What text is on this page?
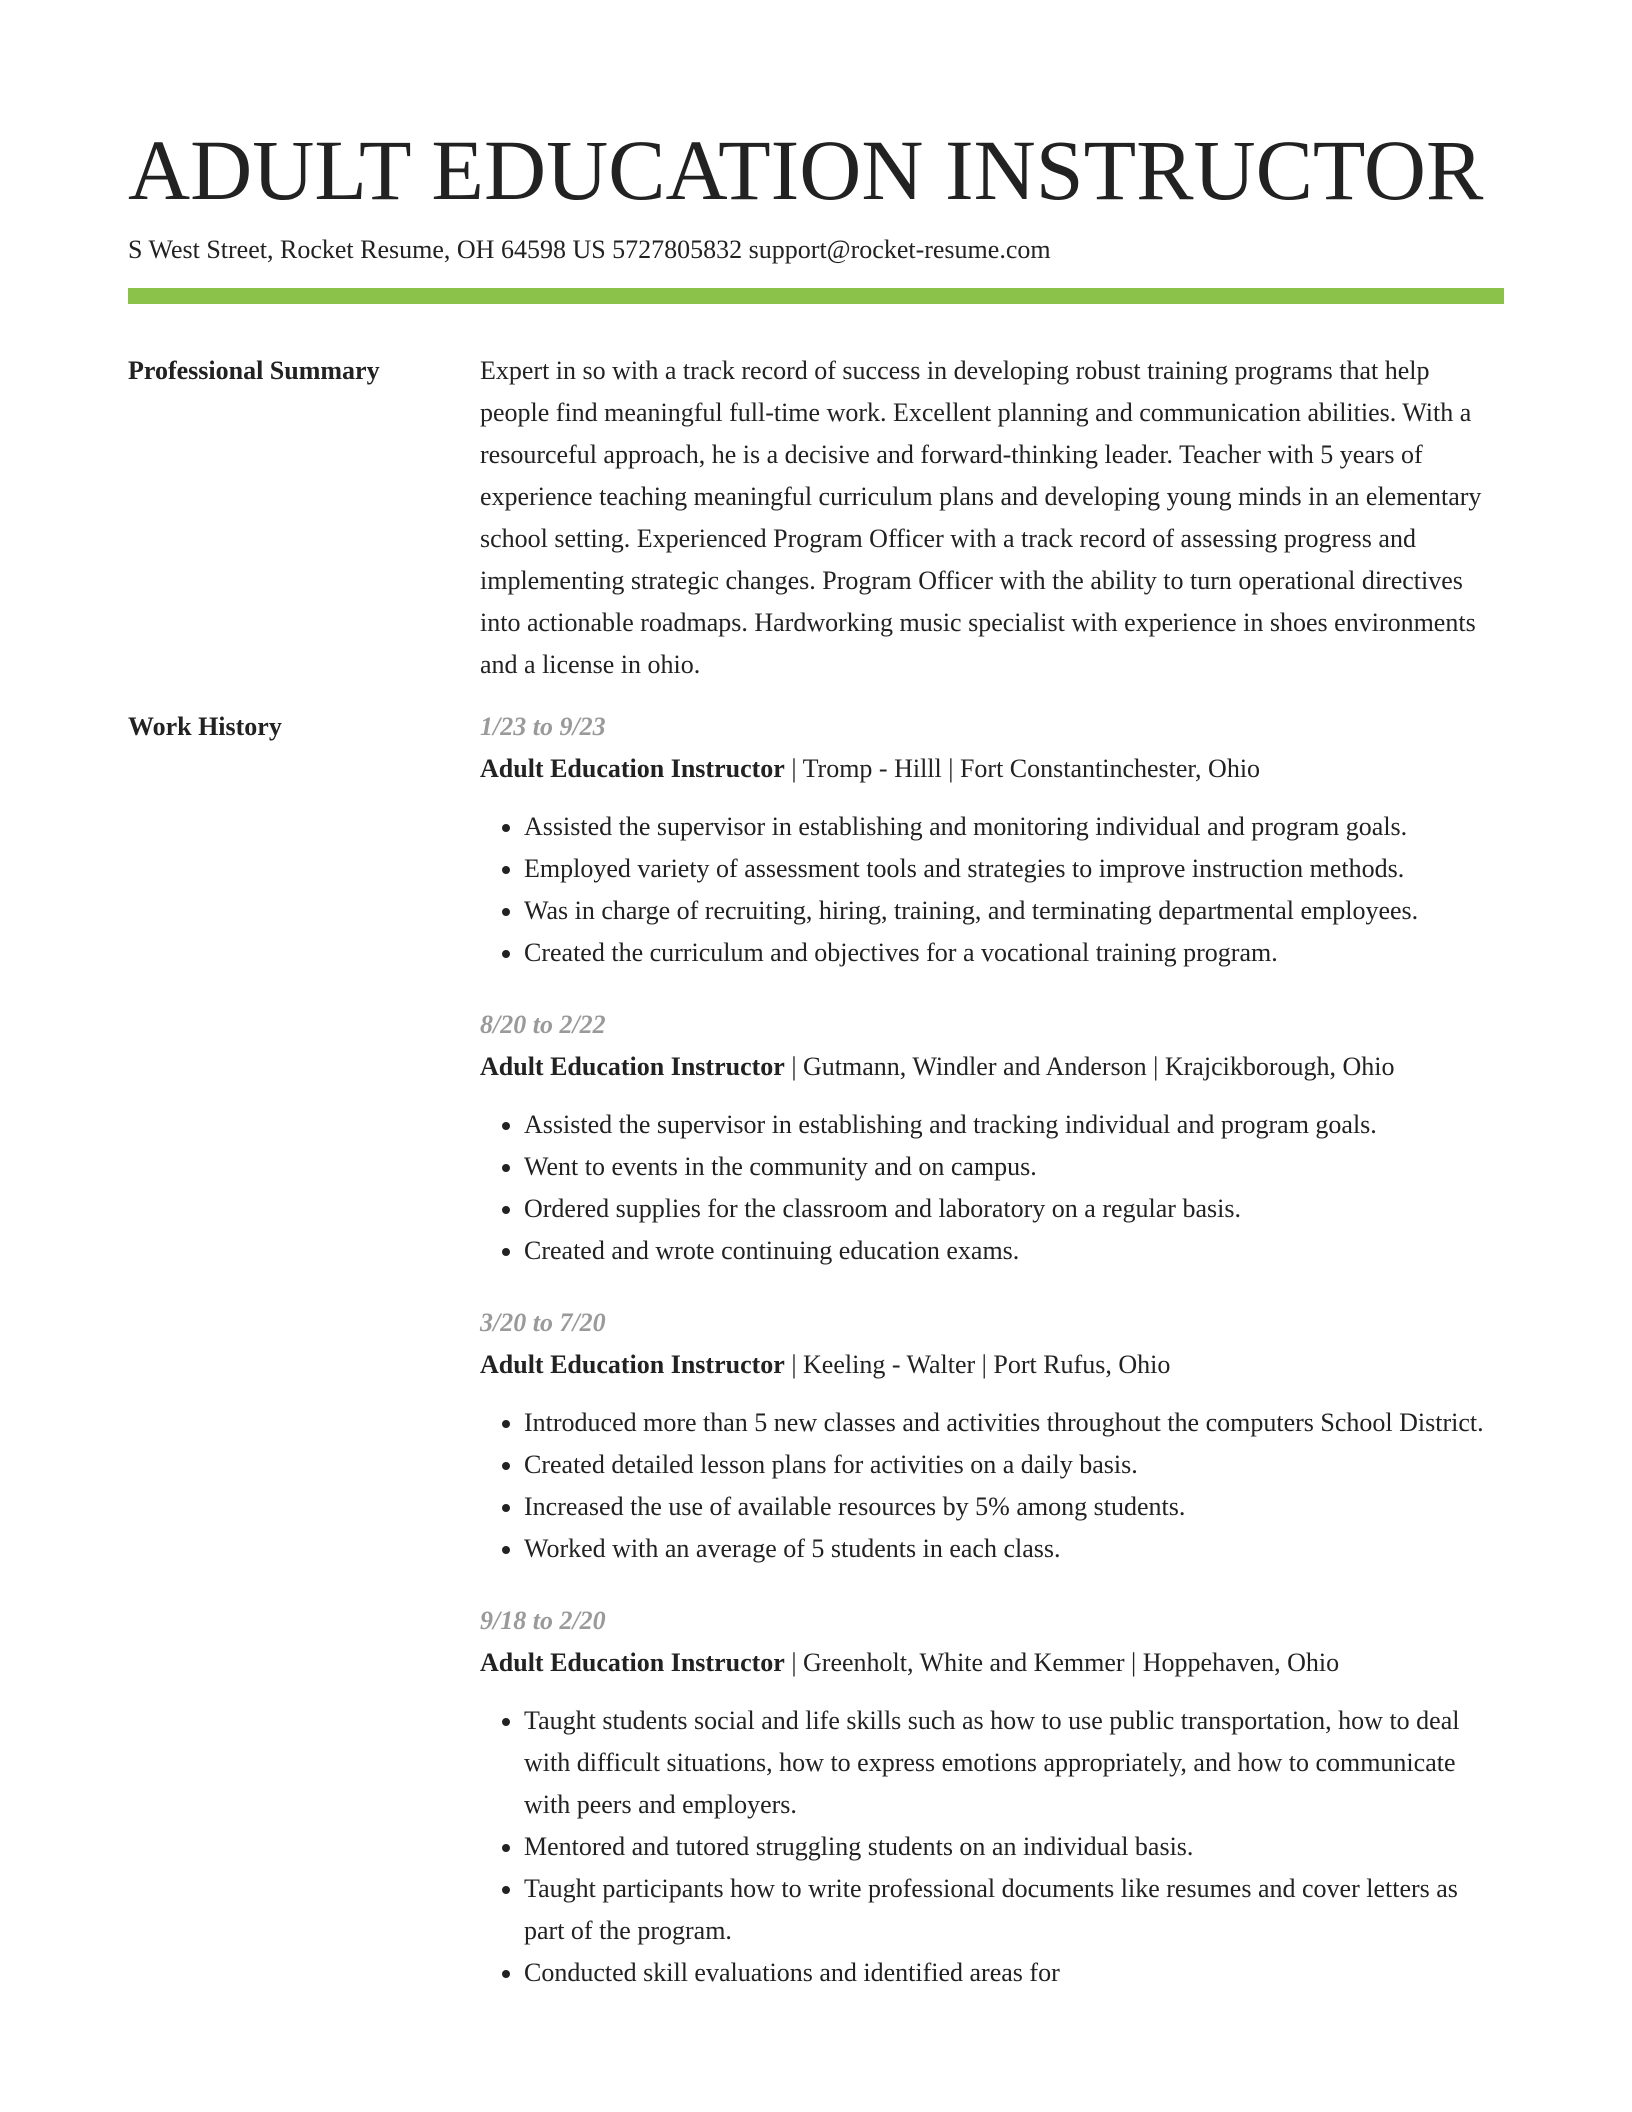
ADULT EDUCATION INSTRUCTOR
S West Street, Rocket Resume, OH 64598 US 5727805832 support@rocket-resume.com
Professional Summary	Expert in so with a track record of success in developing robust training programs that help people find meaningful full-time work. Excellent planning and communication abilities. With a resourceful approach, he is a decisive and forward-thinking leader. Teacher with 5 years of experience teaching meaningful curriculum plans and developing young minds in an elementary school setting. Experienced Program Officer with a track record of assessing progress and implementing strategic changes. Program Officer with the ability to turn operational directives into actionable roadmaps. Hardworking music specialist with experience in shoes environments and a license in ohio.

Work History	1/23 to 9/23
Adult Education Instructor | Tromp - Hilll | Fort Constantinchester, Ohio
• Assisted the supervisor in establishing and monitoring individual and program goals.
• Employed variety of assessment tools and strategies to improve instruction methods.
• Was in charge of recruiting, hiring, training, and terminating departmental employees.
• Created the curriculum and objectives for a vocational training program.
8/20 to 2/22
Adult Education Instructor | Gutmann, Windler and Anderson | Krajcikborough, Ohio
• Assisted the supervisor in establishing and tracking individual and program goals.
• Went to events in the community and on campus.
• Ordered supplies for the classroom and laboratory on a regular basis.
• Created and wrote continuing education exams.
3/20 to 7/20
Adult Education Instructor | Keeling - Walter | Port Rufus, Ohio
• Introduced more than 5 new classes and activities throughout the computers School District.
• Created detailed lesson plans for activities on a daily basis.
• Increased the use of available resources by 5% among students.
• Worked with an average of 5 students in each class.
9/18 to 2/20
Adult Education Instructor | Greenholt, White and Kemmer | Hoppehaven, Ohio
• Taught students social and life skills such as how to use public transportation, how to deal with difficult situations, how to express emotions appropriately, and how to communicate with peers and employers.
• Mentored and tutored struggling students on an individual basis.
• Taught participants how to write professional documents like resumes and cover letters as part of the program.
• Conducted skill evaluations and identified areas for
